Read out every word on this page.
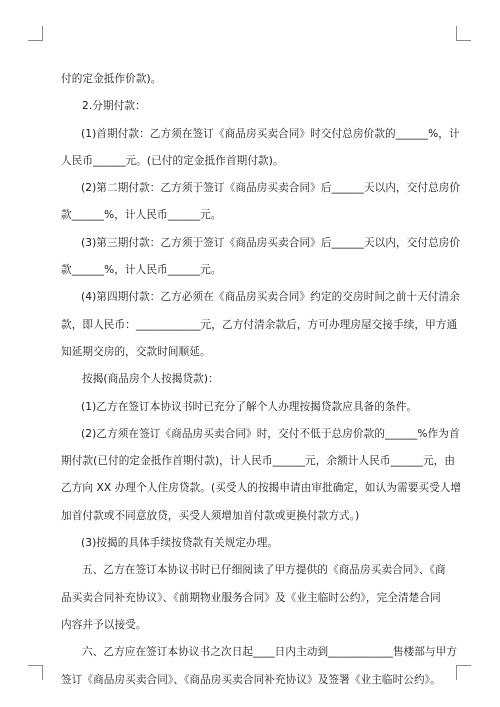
付的定金抵作价款)。

2.分期付款：

(1)首期付款：乙方须在签订《商品房买卖合同》时交付总房价款的______%，计

人民币______元。(已付的定金抵作首期付款)。

(2)第二期付款：乙方须于签订《商品房买卖合同》后______天以内，交付总房价

款______%，计人民币______元。

(3)第三期付款：乙方须于签订《商品房买卖合同》后______天以内，交付总房价

款______%，计人民币______元。

(4)第四期付款：乙方必须在《商品房买卖合同》约定的交房时间之前十天付清余

款，即人民币：____________元，乙方付清余款后，方可办理房屋交接手续，甲方通

知延期交房的，交款时间顺延。

按揭(商品房个人按揭贷款)：

(1)乙方在签订本协议书时已充分了解个人办理按揭贷款应具备的条件。

(2)乙方须在签订《商品房买卖合同》时，交付不低于总房价款的______%作为首

期付款(已付的定金抵作首期付款)，计人民币______元，余额计人民币______元，由

乙方向 XX 办理个人住房贷款。(买受人的按揭申请由审批确定，如认为需要买受人增

加首付款或不同意放贷，买受人须增加首付款或更换付款方式。)

(3)按揭的具体手续按贷款有关规定办理。

五、乙方在签订本协议书时已仔细阅读了甲方提供的《商品房买卖合同》、《商

品买卖合同补充协议》、《前期物业服务合同》及《业主临时公约》，完全清楚合同

内容并予以接受。

六、乙方应在签订本协议书之次日起____日内主动到____________售楼部与甲方

签订《商品房买卖合同》、《商品房买卖合同补充协议》及签署《业主临时公约》。
